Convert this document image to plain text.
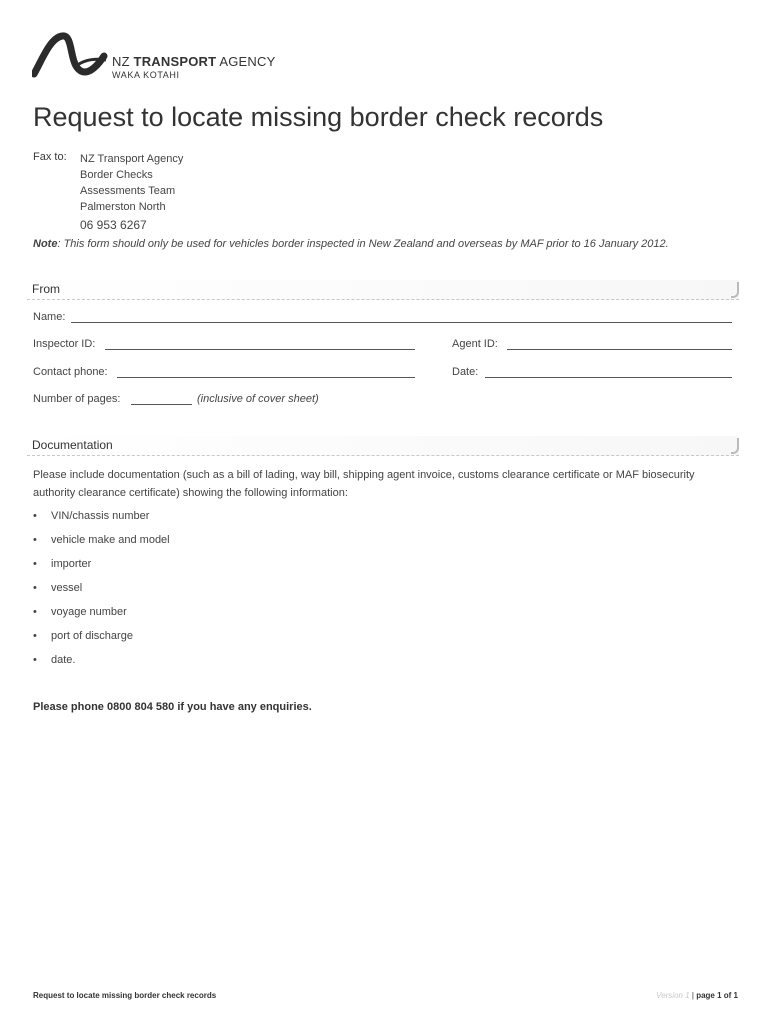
NZ TRANSPORT AGENCY
WAKA KOTAHI
Request to locate missing border check records
Fax to: NZ Transport Agency
Border Checks
Assessments Team
Palmerston North
06 953 6267
Note: This form should only be used for vehicles border inspected in New Zealand and overseas by MAF prior to 16 January 2012.
From
Name:
Inspector ID:	Agent ID:
Contact phone:	Date:
Number of pages:	(inclusive of cover sheet)
Documentation

Please include documentation (such as a bill of lading, way bill, shipping agent invoice, customs clearance certificate or MAF biosecurity authority clearance certificate) showing the following information:

• VIN/chassis number
• vehicle make and model
• importer
• vessel
• voyage number
• port of discharge
• date.
Please phone 0800 804 580 if you have any enquiries.
Request to locate missing border check records	Version 1 | page 1 of 1
